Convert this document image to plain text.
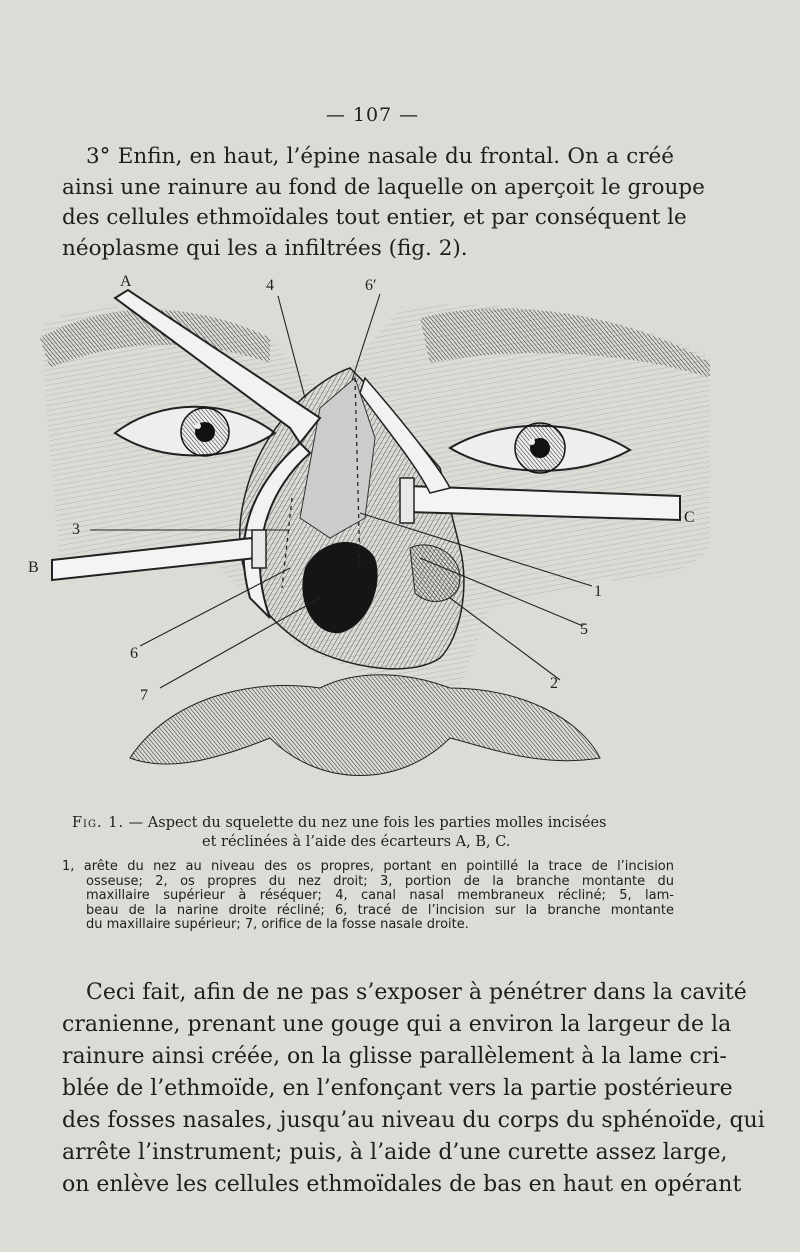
— 107 —
3° Enfin, en haut, l’épine nasale du frontal. On a créé
ainsi une rainure au fond de laquelle on aperçoit le groupe
des cellules ethmoïdales tout entier, et par conséquent le
néoplasme qui les a infiltrées (fig. 2).
A	4	6′
3
B
C
1
5
6
2
7
Fig. 1. — Aspect du squelette du nez une fois les parties molles incisées
et réclinées à l’aide des écarteurs A, B, C.
1, arête du nez au niveau des os propres, portant en pointillé la trace de l’incision
osseuse; 2, os propres du nez droit; 3, portion de la branche montante du
maxillaire supérieur à réséquer; 4, canal nasal membraneux récliné; 5, lam-
beau de la narine droite récliné; 6, tracé de l’incision sur la branche montante
du maxillaire supérieur; 7, orifice de la fosse nasale droite.
Ceci fait, afin de ne pas s’exposer à pénétrer dans la cavité
cranienne, prenant une gouge qui a environ la largeur de la
rainure ainsi créée, on la glisse parallèlement à la lame cri-
blée de l’ethmoïde, en l’enfonçant vers la partie postérieure
des fosses nasales, jusqu’au niveau du corps du sphénoïde, qui
arrête l’instrument; puis, à l’aide d’une curette assez large,
on enlève les cellules ethmoïdales de bas en haut en opérant
